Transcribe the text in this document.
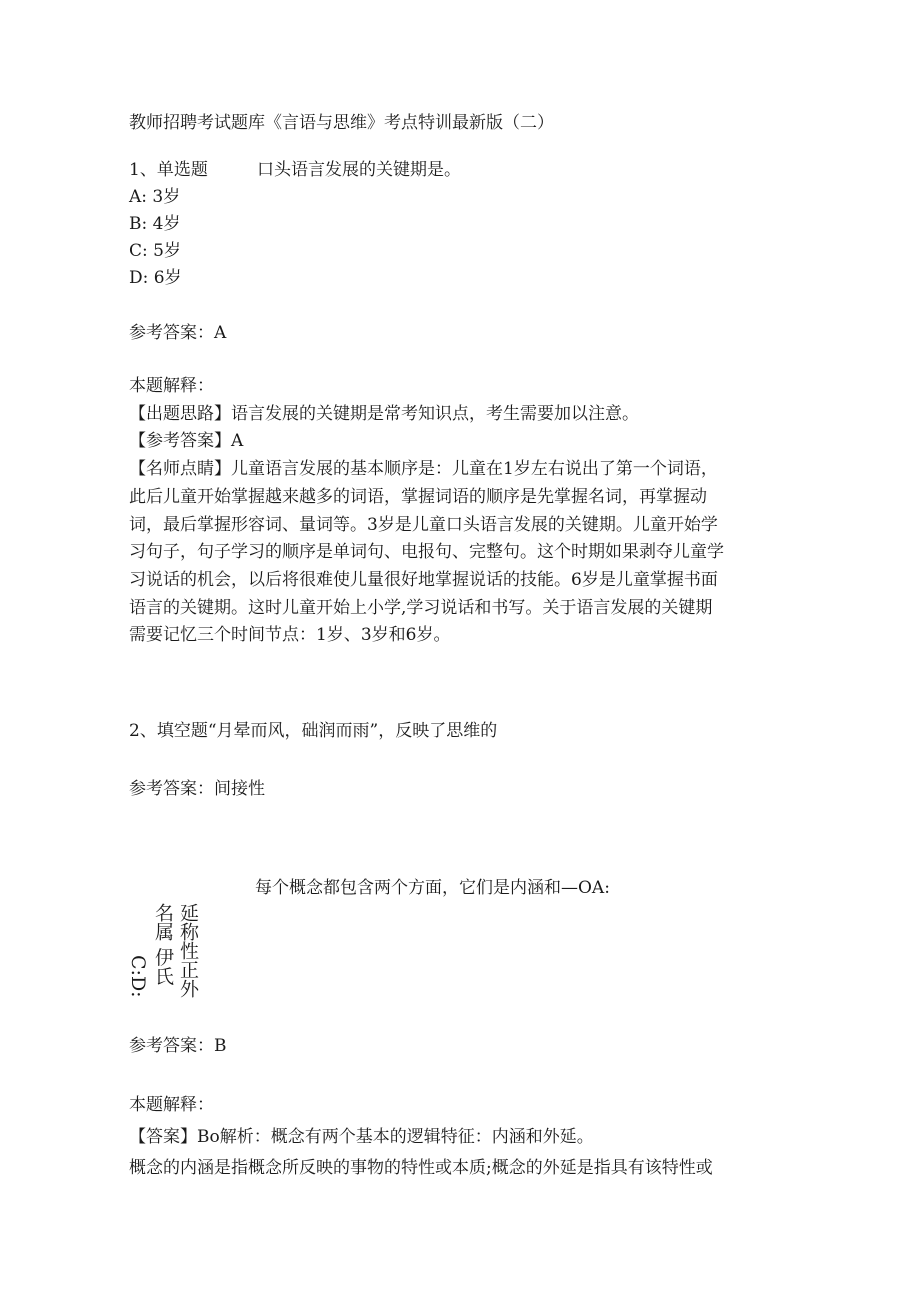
教师招聘考试题库《言语与思维》考点特训最新版（二）
1、单选题	口头语言发展的关键期是。
A: 3岁
B: 4岁
C: 5岁
D: 6岁
参考答案：A
本题解释：
【出题思路】语言发展的关键期是常考知识点，考生需要加以注意。
【参考答案】A
【名师点睛】儿童语言发展的基本顺序是：儿童在1岁左右说出了第一个词语，
此后儿童开始掌握越来越多的词语，掌握词语的顺序是先掌握名词，再掌握动
词，最后掌握形容词、量词等。3岁是儿童口头语言发展的关键期。儿童开始学
习句子，句子学习的顺序是单词句、电报句、完整句。这个时期如果剥夺儿童学
习说话的机会，以后将很难使儿量很好地掌握说话的技能。6岁是儿童掌握书面
语言的关键期。这时儿童开始上小学,学习说话和书写。关于语言发展的关键期
需要记忆三个时间节点：1岁、3岁和6岁。
2、填空题“月晕而风，础润而雨”，反映了思维的
参考答案：间接性
每个概念都包含两个方面，它们是内涵和—OA:
C:D: 名属 伊氏 延称性正外
参考答案：B
本题解释：
【答案】Bo解析：概念有两个基本的逻辑特征：内涵和外延。
概念的内涵是指概念所反映的事物的特性或本质;概念的外延是指具有该特性或
